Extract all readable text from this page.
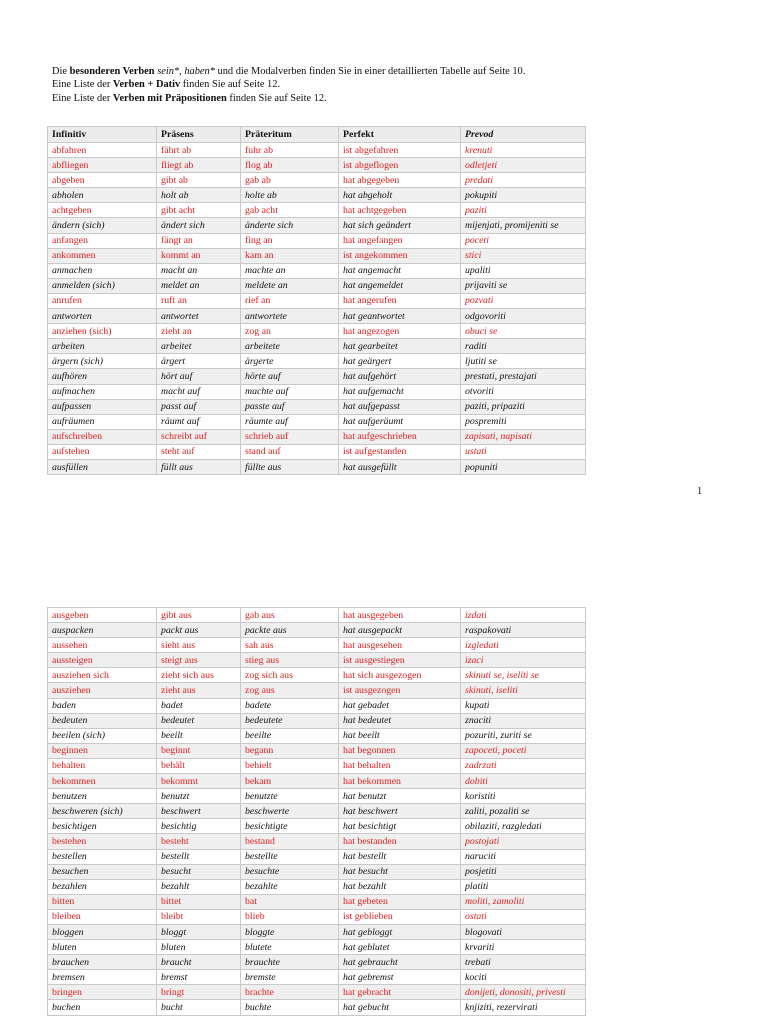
Die besonderen Verben sein*, haben* und die Modalverben finden Sie in einer detaillierten Tabelle auf Seite 10.

Eine Liste der Verben + Dativ finden Sie auf Seite 12.

Eine Liste der Verben mit Präpositionen finden Sie auf Seite 12.

Infinitiv	Präsens	Präteritum	Perfekt	Prevod
abfahren	fährt ab	fuhr ab	ist abgefahren	krenuti
abfliegen	fliegt ab	flog ab	ist abgeflogen	odletjeti
abgeben	gibt ab	gab ab	hat abgegeben	predati
abholen	holt ab	holte ab	hat abgeholt	pokupiti
achtgeben	gibt acht	gab acht	hat achtgegeben	paziti
ändern (sich)	ändert sich	änderte sich	hat sich geändert	mijenjati, promijeniti se
anfangen	fängt an	fing an	hat angefangen	poceti
ankommen	kommt an	kam an	ist angekommen	stici
anmachen	macht an	machte an	hat angemacht	upaliti
anmelden (sich)	meldet an	meldete an	hat angemeldet	prijaviti se
anrufen	ruft an	rief an	hat angerufen	pozvati
antworten	antwortet	antwortete	hat geantwortet	odgovoriti
anziehen (sich)	zieht an	zog an	hat angezogen	obuci se
arbeiten	arbeitet	arbeitete	hat gearbeitet	raditi
ärgern (sich)	ärgert	ärgerte	hat geärgert	ljutiti se
aufhören	hört auf	hörte auf	hat aufgehört	prestati, prestajati
aufmachen	macht auf	machte auf	hat aufgemacht	otvoriti
aufpassen	passt auf	passte auf	hat aufgepasst	paziti, pripaziti
aufräumen	räumt auf	räumte auf	hat aufgeräumt	pospremiti
aufschreiben	schreibt auf	schrieb auf	hat aufgeschrieben	zapisati, napisati
aufstehen	steht auf	stand auf	ist aufgestanden	ustati
ausfüllen	füllt aus	füllte aus	hat ausgefüllt	popuniti
1
ausgeben	gibt aus	gab aus	hat ausgegeben	izdati
auspacken	packt aus	packte aus	hat ausgepackt	raspakovati
aussehen	sieht aus	sah aus	hat ausgesehen	izgledati
aussteigen	steigt aus	stieg aus	ist ausgestiegen	izaci
ausziehen sich	zieht sich aus	zog sich aus	hat sich ausgezogen	skinuti se, iseliti se
ausziehen	zieht aus	zog aus	ist ausgezogen	skinuti, iseliti
baden	badet	badete	hat gebadet	kupati
bedeuten	bedeutet	bedeutete	hat bedeutet	znaciti
beeilen (sich)	beeilt	beeilte	hat beeilt	pozuriti, zuriti se
beginnen	beginnt	begann	hat begonnen	zapoceti, poceti
behalten	behält	behielt	hat behalten	zadrzati
bekommen	bekommt	bekam	hat bekommen	dobiti
benutzen	benutzt	benutzte	hat benutzt	koristiti
beschweren (sich)	beschwert	beschwerte	hat beschwert	zaliti, pozaliti se
besichtigen	besichtig	besichtigte	hat besichtigt	obilaziti, razgledati
bestehen	besteht	bestand	hat bestanden	postojati
bestellen	bestellt	bestellte	hat bestellt	naruciti
besuchen	besucht	besuchte	hat besucht	posjetiti
bezahlen	bezahlt	bezahlte	hat bezahlt	platiti
bitten	bittet	bat	hat gebeten	moliti, zamoliti
bleiben	bleibt	blieb	ist geblieben	ostati
bloggen	bloggt	bloggte	hat gebloggt	blogovati
bluten	bluten	blutete	hat geblutet	krvariti
brauchen	braucht	brauchte	hat gebraucht	trebati
bremsen	bremst	bremste	hat gebremst	kociti
bringen	bringt	brachte	hat gebracht	donijeti, donositi, privesti
buchen	bucht	buchte	hat gebucht	knjiziti, rezervirati
